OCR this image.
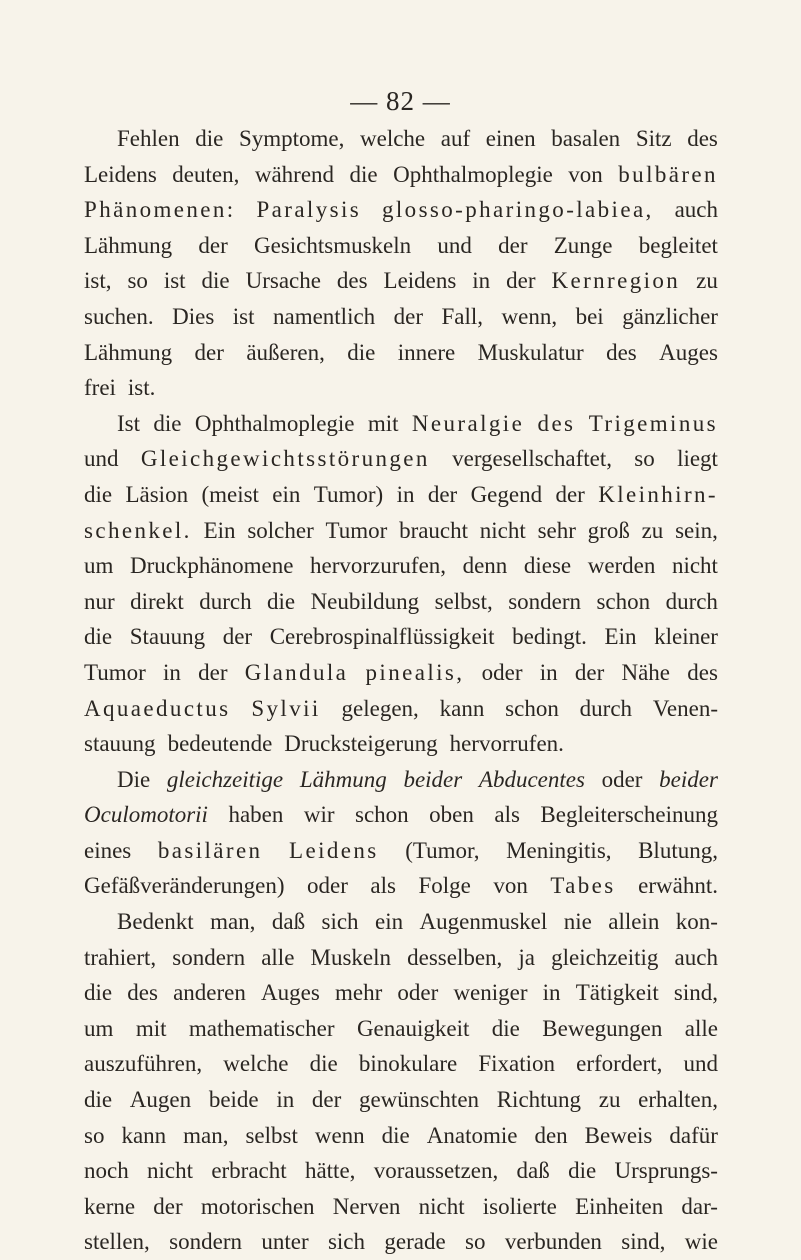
— 82 —
Fehlen die Symptome, welche auf einen basalen Sitz des
Leidens deuten, während die Ophthalmoplegie von bulbären
Phänomenen: Paralysis glosso-pharingo-labiea, auch
Lähmung der Gesichtsmuskeln und der Zunge begleitet
ist, so ist die Ursache des Leidens in der Kernregion zu
suchen. Dies ist namentlich der Fall, wenn, bei gänzlicher
Lähmung der äußeren, die innere Muskulatur des Auges
frei ist.
Ist die Ophthalmoplegie mit Neuralgie des Trigeminus
und Gleichgewichtsstörungen vergesellschaftet, so liegt
die Läsion (meist ein Tumor) in der Gegend der Kleinhirn-
schenkel. Ein solcher Tumor braucht nicht sehr groß zu sein,
um Druckphänomene hervorzurufen, denn diese werden nicht
nur direkt durch die Neubildung selbst, sondern schon durch
die Stauung der Cerebrospinalflüssigkeit bedingt. Ein kleiner
Tumor in der Glandula pinealis, oder in der Nähe des
Aquaeductus Sylvii gelegen, kann schon durch Venen-
stauung bedeutende Drucksteigerung hervorrufen.
Die gleichzeitige Lähmung beider Abducentes oder beider
Oculomotorii haben wir schon oben als Begleiterscheinung
eines basilären Leidens (Tumor, Meningitis, Blutung,
Gefäßveränderungen) oder als Folge von Tabes erwähnt.
Bedenkt man, daß sich ein Augenmuskel nie allein kon-
trahiert, sondern alle Muskeln desselben, ja gleichzeitig auch
die des anderen Auges mehr oder weniger in Tätigkeit sind,
um mit mathematischer Genauigkeit die Bewegungen alle
auszuführen, welche die binokulare Fixation erfordert, und
die Augen beide in der gewünschten Richtung zu erhalten,
so kann man, selbst wenn die Anatomie den Beweis dafür
noch nicht erbracht hätte, voraussetzen, daß die Ursprungs-
kerne der motorischen Nerven nicht isolierte Einheiten dar-
stellen, sondern unter sich gerade so verbunden sind, wie
